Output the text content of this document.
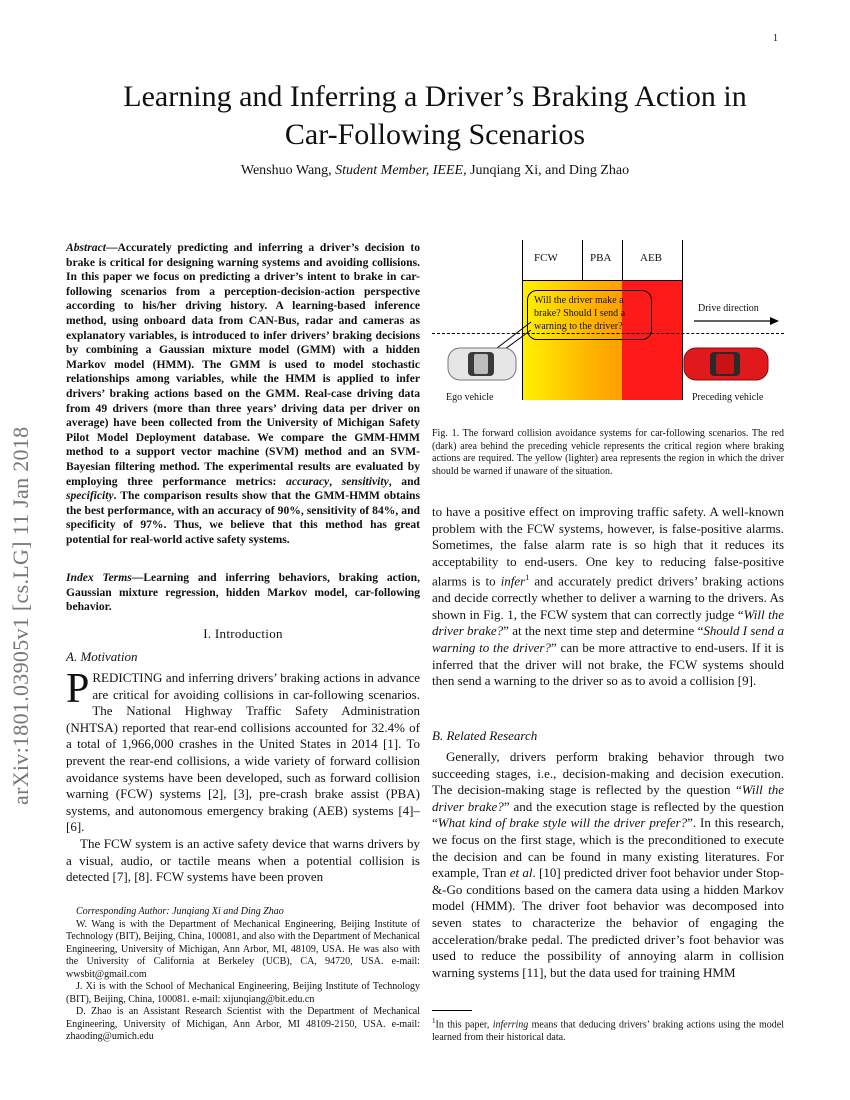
1
arXiv:1801.03905v1 [cs.LG] 11 Jan 2018
Learning and Inferring a Driver’s Braking Action in
Car-Following Scenarios
Wenshuo Wang, Student Member, IEEE, Junqiang Xi, and Ding Zhao
Abstract—Accurately predicting and inferring a driver’s decision to brake is critical for designing warning systems and avoiding collisions. In this paper we focus on predicting a driver’s intent to brake in car-following scenarios from a perception-decision-action perspective according to his/her driving history. A learning-based inference method, using onboard data from CAN-Bus, radar and cameras as explanatory variables, is introduced to infer drivers’ braking decisions by combining a Gaussian mixture model (GMM) with a hidden Markov model (HMM). The GMM is used to model stochastic relationships among variables, while the HMM is applied to infer drivers’ braking actions based on the GMM. Real-case driving data from 49 drivers (more than three years’ driving data per driver on average) have been collected from the University of Michigan Safety Pilot Model Deployment database. We compare the GMM-HMM method to a support vector machine (SVM) method and an SVM-Bayesian filtering method. The experimental results are evaluated by employing three performance metrics: accuracy, sensitivity, and specificity. The comparison results show that the GMM-HMM obtains the best performance, with an accuracy of 90%, sensitivity of 84%, and specificity of 97%. Thus, we believe that this method has great potential for real-world active safety systems.
Index Terms—Learning and inferring behaviors, braking action, Gaussian mixture regression, hidden Markov model, car-following behavior.
I. Introduction
A. Motivation

PREDICTING and inferring drivers’ braking actions in advance are critical for avoiding collisions in car-following scenarios. The National Highway Traffic Safety Administration (NHTSA) reported that rear-end collisions accounted for 32.4% of a total of 1,966,000 crashes in the United States in 2014 [1]. To prevent the rear-end collisions, a wide variety of forward collision avoidance systems have been developed, such as forward collision warning (FCW) systems [2], [3], pre-crash brake assist (PBA) systems, and autonomous emergency braking (AEB) systems [4]–[6].

The FCW system is an active safety device that warns drivers by a visual, audio, or tactile means when a potential collision is detected [7], [8]. FCW systems have been proven

Corresponding Author: Junqiang Xi and Ding Zhao

W. Wang is with the Department of Mechanical Engineering, Beijing Institute of Technology (BIT), Beijing, China, 100081, and also with the Department of Mechanical Engineering, University of Michigan, Ann Arbor, MI, 48109, USA. He was also with the University of California at Berkeley (UCB), CA, 94720, USA. e-mail: wwsbit@gmail.com

J. Xi is with the School of Mechanical Engineering, Beijing Institute of Technology (BIT), Beijing, China, 100081. e-mail: xijunqiang@bit.edu.cn

D. Zhao is an Assistant Research Scientist with the Department of Mechanical Engineering, University of Michigan, Ann Arbor, MI 48109-2150, USA. e-mail: zhaoding@umich.edu

FCW	PBA	AEB
Will the driver make a brake? Should I send a warning to the driver?
Drive direction
Ego vehicle	Preceding vehicle
Fig. 1. The forward collision avoidance systems for car-following scenarios. The red (dark) area behind the preceding vehicle represents the critical region where braking actions are required. The yellow (lighter) area represents the region in which the driver should be warned if unaware of the situation.

to have a positive effect on improving traffic safety. A well-known problem with the FCW systems, however, is false-positive alarms. Sometimes, the false alarm rate is so high that it reduces its acceptability to end-users. One key to reducing false-positive alarms is to infer$^1$ and accurately predict drivers’ braking actions and decide correctly whether to deliver a warning to the drivers. As shown in Fig. 1, the FCW system that can correctly judge “Will the driver brake?” at the next time step and determine “Should I send a warning to the driver?” can be more attractive to end-users. If it is inferred that the driver will not brake, the FCW systems should then send a warning to the driver so as to avoid a collision [9].

B. Related Research

Generally, drivers perform braking behavior through two succeeding stages, i.e., decision-making and decision execution. The decision-making stage is reflected by the question “Will the driver brake?” and the execution stage is reflected by the question “What kind of brake style will the driver prefer?”. In this research, we focus on the first stage, which is the preconditioned to execute the decision and can be found in many existing literatures. For example, Tran et al. [10] predicted driver foot behavior under Stop-&-Go conditions based on the camera data using a hidden Markov model (HMM). The driver foot behavior was decomposed into seven states to characterize the behavior of engaging the acceleration/brake pedal. The predicted driver’s foot behavior was used to reduce the possibility of annoying alarm in collision warning systems [11], but the data used for training HMM

$^1$In this paper, inferring means that deducing drivers’ braking actions using the model learned from their historical data.
